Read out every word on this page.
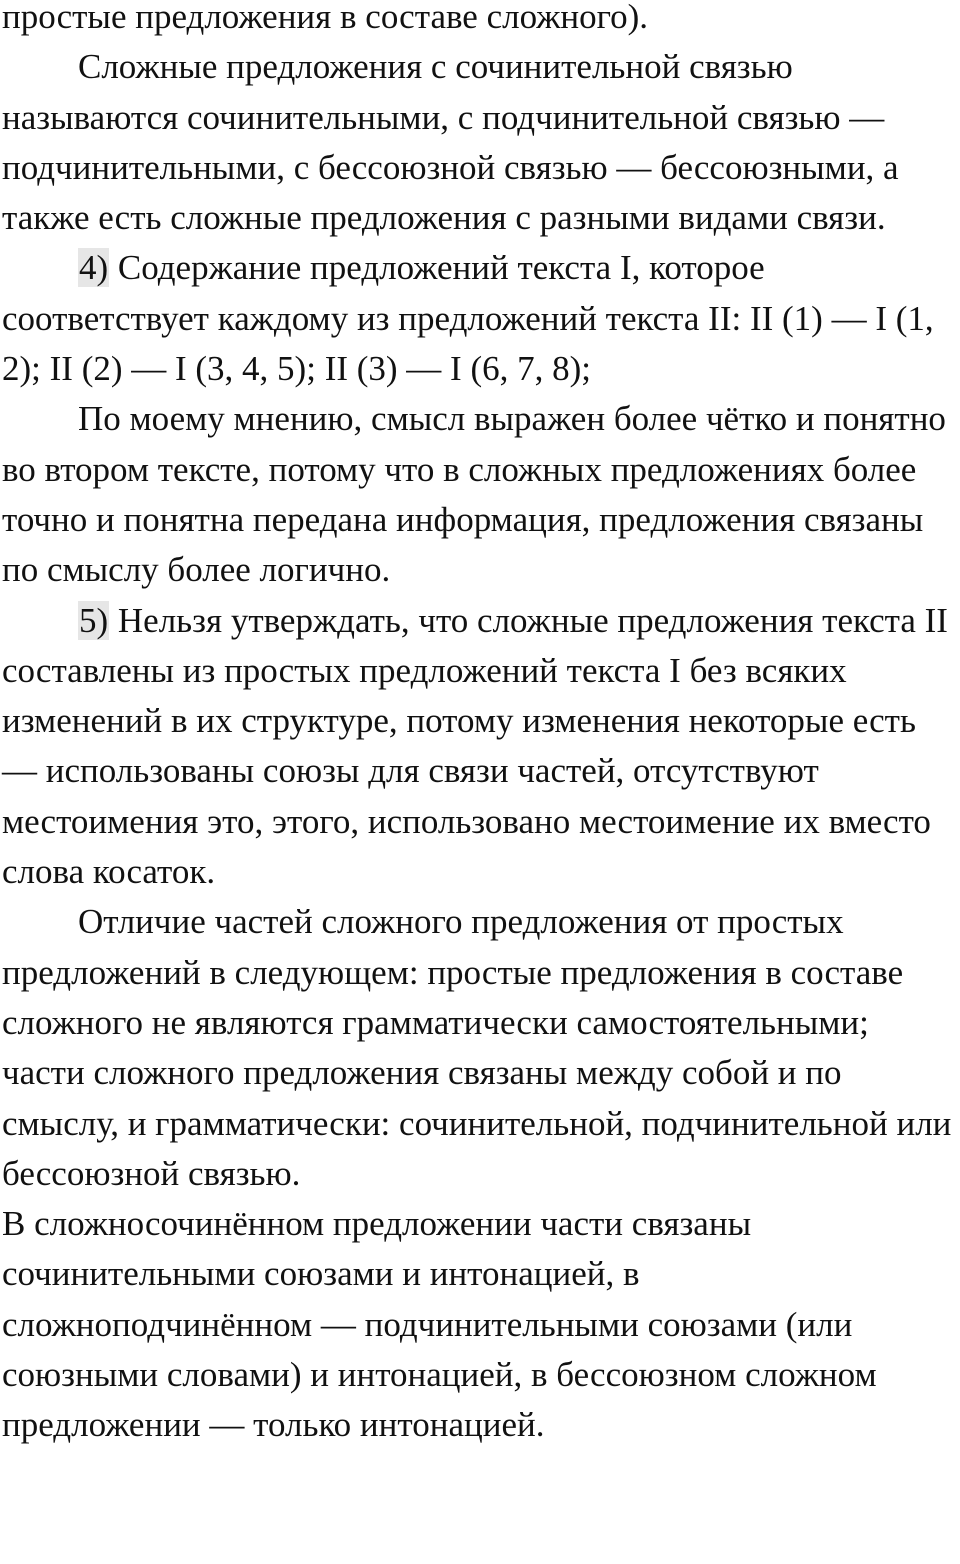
простые предложения в составе сложного).

Сложные предложения с сочинительной связью называются сочинительными, с подчинительной связью — подчинительными, с бессоюзной связью — бессоюзными, а также есть сложные предложения с разными видами связи.

4) Содержание предложений текста I, которое соответствует каждому из предложений текста II: II (1) — I (1, 2); II (2) — I (3, 4, 5); II (3) — I (6, 7, 8);

По моему мнению, смысл выражен более чётко и понятно во втором тексте, потому что в сложных предложениях более точно и понятна передана информация, предложения связаны по смыслу более логично.

5) Нельзя утверждать, что сложные предложения текста II составлены из простых предложений текста I без всяких изменений в их структуре, потому изменения некоторые есть — использованы союзы для связи частей, отсутствуют местоимения это, этого, использовано местоимение их вместо слова косаток.

Отличие частей сложного предложения от простых предложений в следующем: простые предложения в составе сложного не являются грамматически самостоятельными; части сложного предложения связаны между собой и по смыслу, и грамматически: сочинительной, подчинительной или бессоюзной связью.

В сложносочинённом предложении части связаны сочинительными союзами и интонацией, в сложноподчинённом — подчинительными союзами (или союзными словами) и интонацией, в бессоюзном сложном предложении — только интонацией.
